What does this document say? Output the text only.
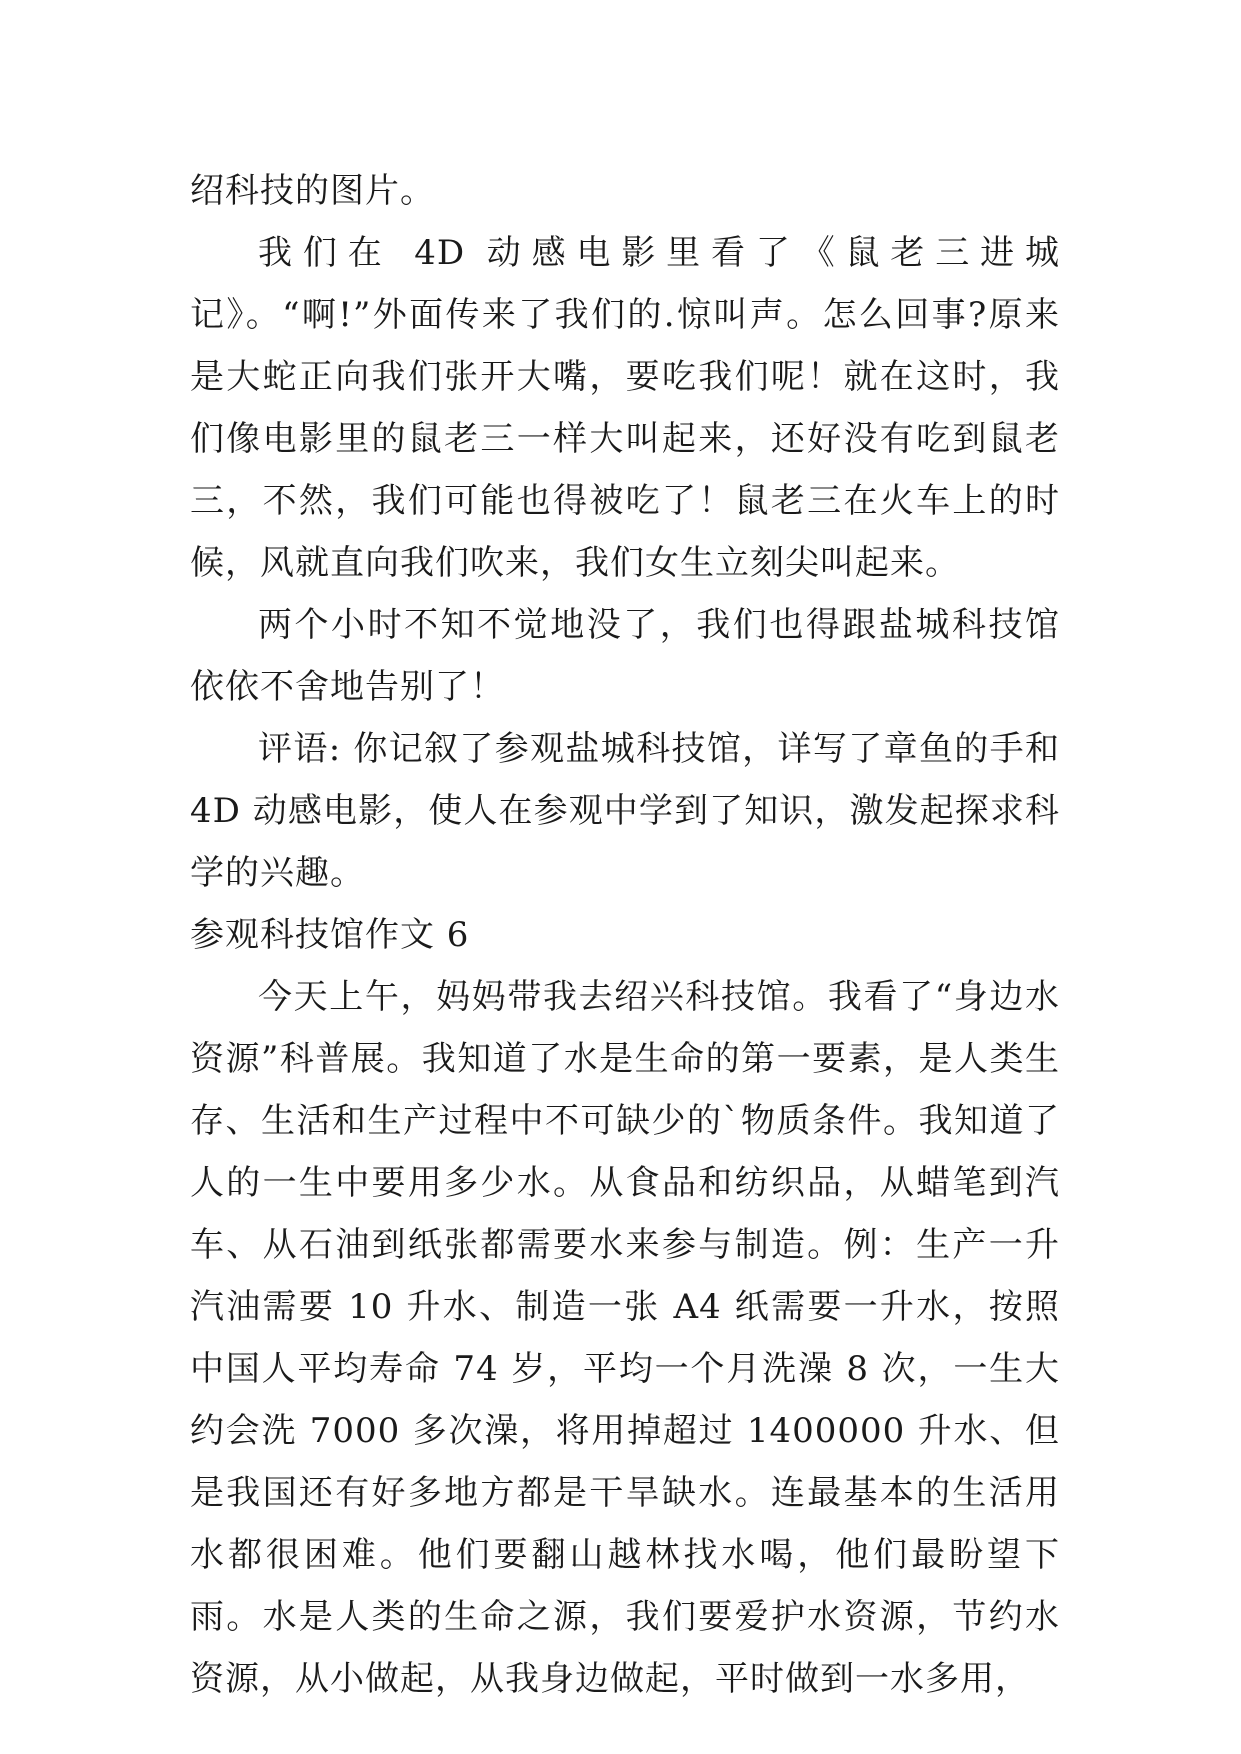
绍科技的图片。

我们在 4D 动感电影里看了《鼠老三进城记》。“啊!”外面传来了我们的.惊叫声。怎么回事?原来是大蛇正向我们张开大嘴，要吃我们呢！就在这时，我们像电影里的鼠老三一样大叫起来，还好没有吃到鼠老三，不然，我们可能也得被吃了！鼠老三在火车上的时候，风就直向我们吹来，我们女生立刻尖叫起来。

两个小时不知不觉地没了，我们也得跟盐城科技馆依依不舍地告别了！

评语: 你记叙了参观盐城科技馆，详写了章鱼的手和 4D 动感电影，使人在参观中学到了知识，激发起探求科学的兴趣。

参观科技馆作文 6

今天上午，妈妈带我去绍兴科技馆。我看了“身边水资源”科普展。我知道了水是生命的第一要素，是人类生存、生活和生产过程中不可缺少的`物质条件。我知道了人的一生中要用多少水。从食品和纺织品，从蜡笔到汽车、从石油到纸张都需要水来参与制造。例：生产一升汽油需要 10 升水、制造一张 A4 纸需要一升水，按照中国人平均寿命 74 岁，平均一个月洗澡 8 次，一生大约会洗 7000 多次澡，将用掉超过 1400000 升水、但是我国还有好多地方都是干旱缺水。连最基本的生活用水都很困难。他们要翻山越林找水喝，他们最盼望下雨。水是人类的生命之源，我们要爱护水资源，节约水资源，从小做起，从我身边做起，平时做到一水多用，
